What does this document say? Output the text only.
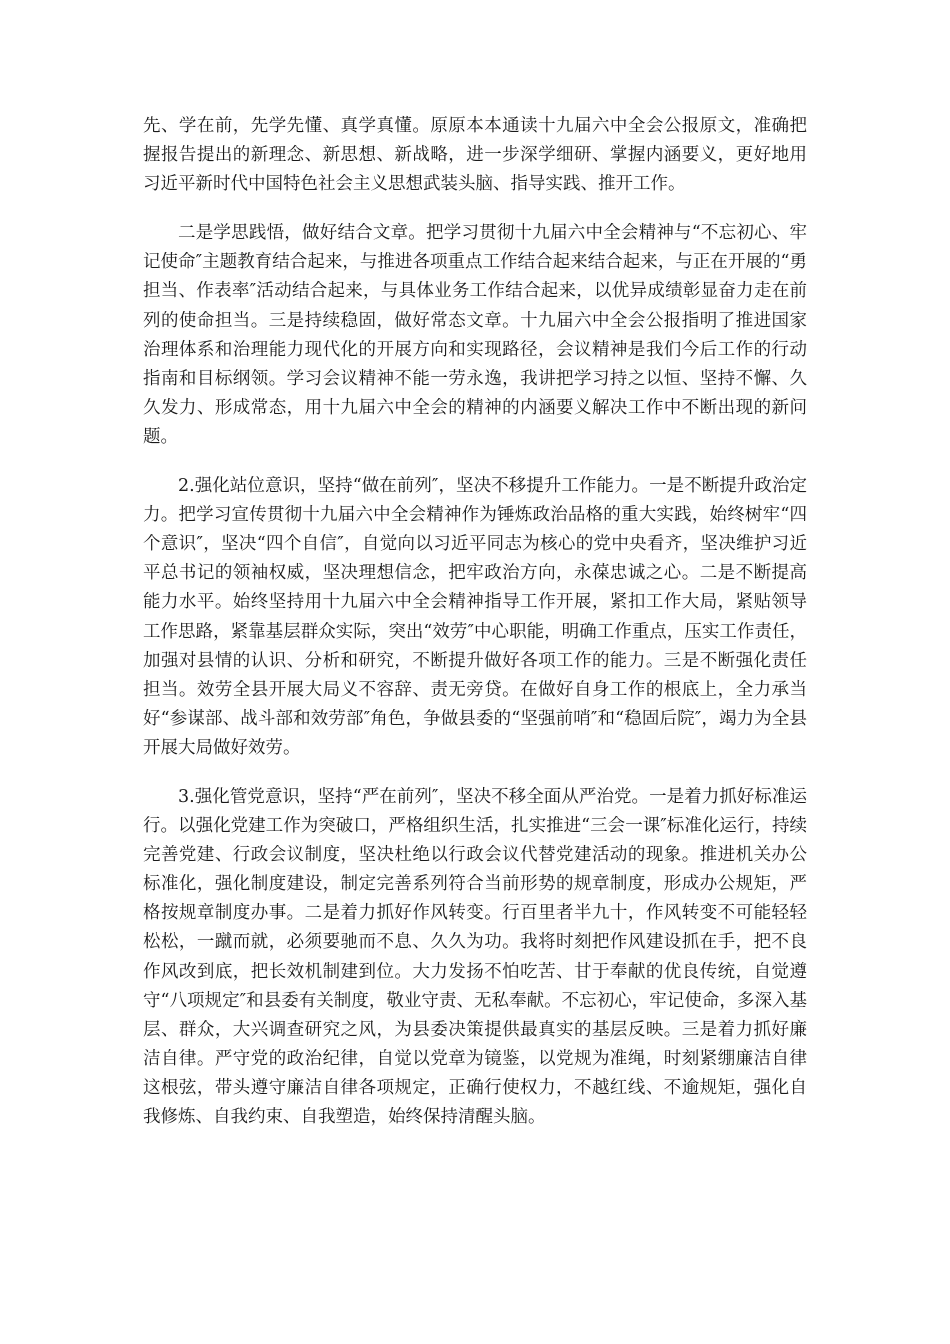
先、学在前，先学先懂、真学真懂。原原本本通读十九届六中全会公报原文，准确把握报告提出的新理念、新思想、新战略，进一步深学细研、掌握内涵要义，更好地用习近平新时代中国特色社会主义思想武装头脑、指导实践、推开工作。

二是学思践悟，做好结合文章。把学习贯彻十九届六中全会精神与“不忘初心、牢记使命″主题教育结合起来，与推进各项重点工作结合起来结合起来，与正在开展的“勇担当、作表率″活动结合起来，与具体业务工作结合起来，以优异成绩彰显奋力走在前列的使命担当。三是持续稳固，做好常态文章。十九届六中全会公报指明了推进国家治理体系和治理能力现代化的开展方向和实现路径，会议精神是我们今后工作的行动指南和目标纲领。学习会议精神不能一劳永逸，我讲把学习持之以恒、坚持不懈、久久发力、形成常态，用十九届六中全会的精神的内涵要义解决工作中不断出现的新问题。

2.强化站位意识，坚持“做在前列″，坚决不移提升工作能力。一是不断提升政治定力。把学习宣传贯彻十九届六中全会精神作为锤炼政治品格的重大实践，始终树牢“四个意识″，坚决“四个自信″，自觉向以习近平同志为核心的党中央看齐，坚决维护习近平总书记的领袖权威，坚决理想信念，把牢政治方向，永葆忠诚之心。二是不断提高能力水平。始终坚持用十九届六中全会精神指导工作开展，紧扣工作大局，紧贴领导工作思路，紧靠基层群众实际，突出“效劳″中心职能，明确工作重点，压实工作责任，加强对县情的认识、分析和研究，不断提升做好各项工作的能力。三是不断强化责任担当。效劳全县开展大局义不容辞、责无旁贷。在做好自身工作的根底上，全力承当好“参谋部、战斗部和效劳部″角色，争做县委的“坚强前哨″和“稳固后院″，竭力为全县开展大局做好效劳。

3.强化管党意识，坚持“严在前列″，坚决不移全面从严治党。一是着力抓好标准运行。以强化党建工作为突破口，严格组织生活，扎实推进“三会一课″标准化运行，持续完善党建、行政会议制度，坚决杜绝以行政会议代替党建活动的现象。推进机关办公标准化，强化制度建设，制定完善系列符合当前形势的规章制度，形成办公规矩，严格按规章制度办事。二是着力抓好作风转变。行百里者半九十，作风转变不可能轻轻松松，一蹴而就，必须要驰而不息、久久为功。我将时刻把作风建设抓在手，把不良作风改到底，把长效机制建到位。大力发扬不怕吃苦、甘于奉献的优良传统，自觉遵守“八项规定″和县委有关制度，敬业守责、无私奉献。不忘初心，牢记使命，多深入基层、群众，大兴调查研究之风，为县委决策提供最真实的基层反映。三是着力抓好廉洁自律。严守党的政治纪律，自觉以党章为镜鉴，以党规为准绳，时刻紧绷廉洁自律这根弦，带头遵守廉洁自律各项规定，正确行使权力，不越红线、不逾规矩，强化自我修炼、自我约束、自我塑造，始终保持清醒头脑。
